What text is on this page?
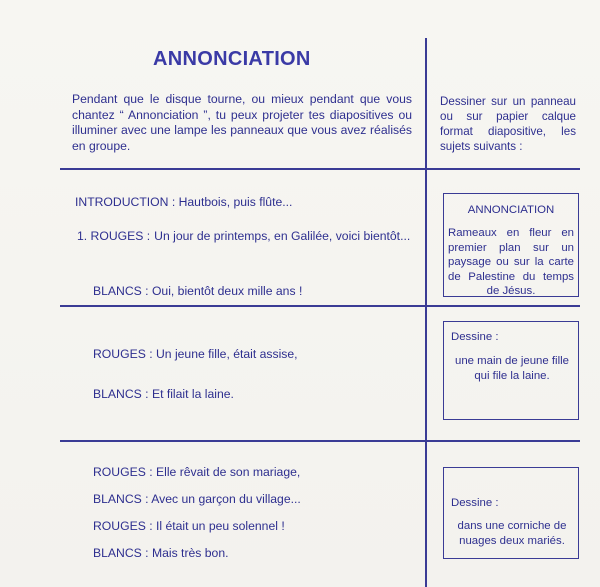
ANNONCIATION
Pendant que le disque tourne, ou mieux pendant que vous chantez “ Annonciation ”, tu peux projeter tes diapositives ou illuminer avec une lampe les panneaux que vous avez réalisés en groupe.
Dessiner sur un panneau ou sur papier calque format diapositive, les sujets suivants :
INTRODUCTION : Hautbois, puis flûte...
1. ROUGES : Un jour de printemps, en Galilée, voici bientôt...
BLANCS : Oui, bientôt deux mille ans !
ROUGES : Un jeune fille, était assise,
BLANCS : Et filait la laine.
ROUGES : Elle rêvait de son mariage,
BLANCS : Avec un garçon du village...
ROUGES : Il était un peu solennel !
BLANCS : Mais très bon.
ANNONCIATION
Rameaux en fleur en premier plan sur un paysage ou sur la carte de Palestine du temps de Jésus.
Dessine :
une main de jeune fille qui file la laine.
Dessine :
dans une corniche de nuages deux mariés.
